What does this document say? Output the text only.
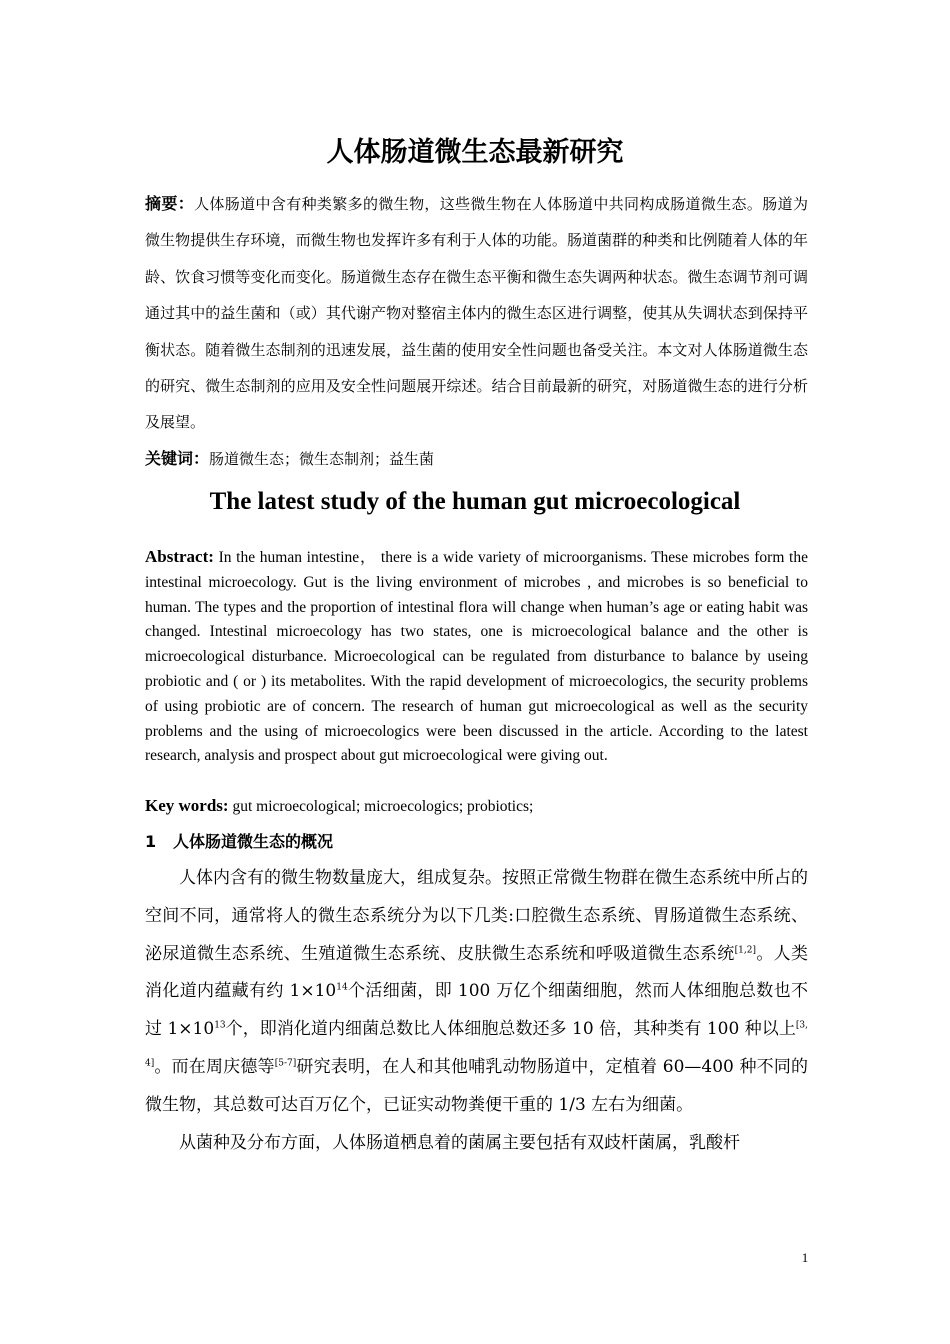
人体肠道微生态最新研究
摘要：人体肠道中含有种类繁多的微生物，这些微生物在人体肠道中共同构成肠道微生态。肠道为微生物提供生存环境，而微生物也发挥许多有利于人体的功能。肠道菌群的种类和比例随着人体的年龄、饮食习惯等变化而变化。肠道微生态存在微生态平衡和微生态失调两种状态。微生态调节剂可调通过其中的益生菌和（或）其代谢产物对整宿主体内的微生态区进行调整，使其从失调状态到保持平衡状态。随着微生态制剂的迅速发展，益生菌的使用安全性问题也备受关注。本文对人体肠道微生态的研究、微生态制剂的应用及安全性问题展开综述。结合目前最新的研究，对肠道微生态的进行分析及展望。
关键词：肠道微生态；微生态制剂；益生菌
The latest study of the human gut microecological
Abstract: In the human intestine， there is a wide variety of microorganisms. These microbes form the intestinal microecology. Gut is the living environment of microbes , and microbes is so beneficial to human. The types and the proportion of intestinal flora will change when human’s age or eating habit was changed. Intestinal microecology has two states, one is microecological balance and the other is microecological disturbance. Microecological can be regulated from disturbance to balance by useing probiotic and ( or ) its metabolites. With the rapid development of microecologics, the security problems of using probiotic are of concern. The research of human gut microecological as well as the security problems and the using of microecologics were been discussed in the article. According to the latest research, analysis and prospect about gut microecological were giving out.
Key words: gut microecological; microecologics; probiotics;
1 人体肠道微生态的概况

人体内含有的微生物数量庞大，组成复杂。按照正常微生物群在微生态系统中所占的空间不同，通常将人的微生态系统分为以下几类:口腔微生态系统、胃肠道微生态系统、泌尿道微生态系统、生殖道微生态系统、皮肤微生态系统和呼吸道微生态系统[1,2]。人类消化道内蕴藏有约 $1\times 10^{14}$个活细菌，即 100 万亿个细菌细胞，然而人体细胞总数也不过 $1\times 10^{13}$个，即消化道内细菌总数比人体细胞总数还多 10 倍，其种类有 100 种以上[3,4]。而在周庆德等[5-7]研究表明，在人和其他哺乳动物肠道中，定植着 60—400 种不同的微生物，其总数可达百万亿个，已证实动物粪便干重的 1/3 左右为细菌。

从菌种及分布方面，人体肠道栖息着的菌属主要包括有双歧杆菌属，乳酸杆

1
